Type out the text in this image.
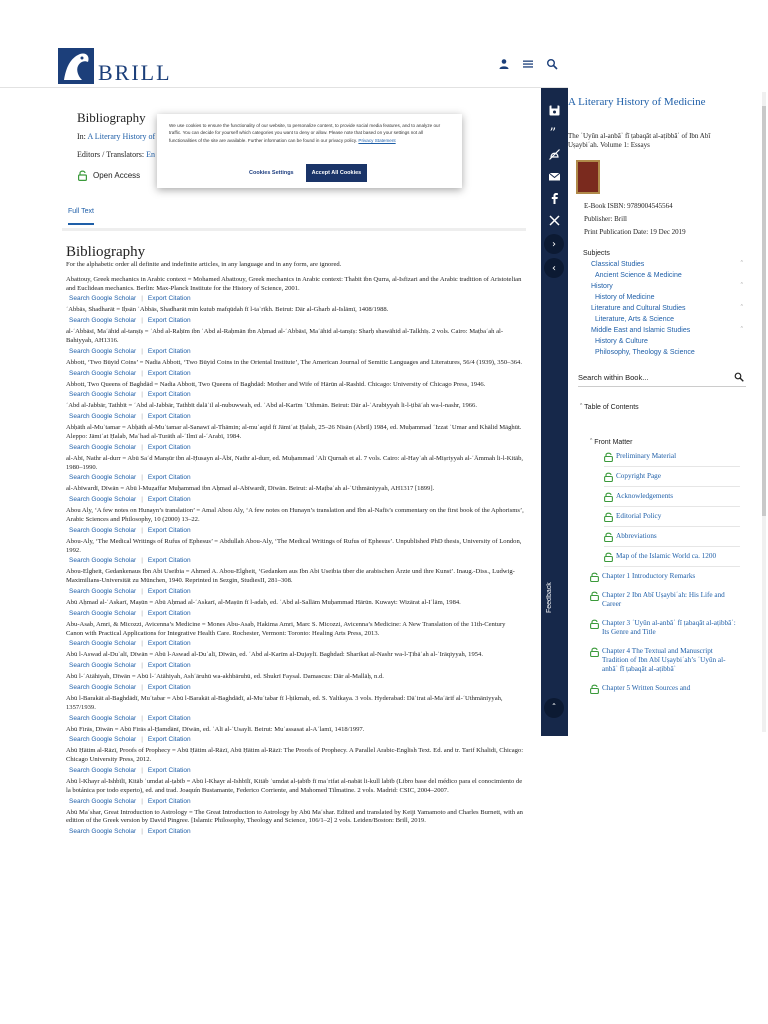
BRILL
Bibliography
In: A Literary History of
Editors / Translators: En
Open Access
Full Text
Bibliography

For the alphabetic order all definite and indefinite articles, in any language and in any form, are ignored.

Abattouy, Greek mechanics in Arabic context = Mohamed Abattouy, Greek mechanics in Arabic context: Thabit ibn Qurra, al-Isfizari and the Arabic tradition of Aristotelian and Euclidean mechanics. Berlin: Max-Planck Institute for the History of Science, 2001.
Search Google Scholar | Export Citation
ʿAbbās, Shadharāt = Iḥsān ʿAbbās, Shadharāt min kutub mafqūdah fī l-taʾrīkh. Beirut: Dār al-Gharb al-Islāmī, 1408/1988.
Search Google Scholar | Export Citation
al-ʿAbbāsī, Maʿāhid al-tanṣīṣ = ʿAbd al-Raḥīm ibn ʿAbd al-Raḥmān ibn Aḥmad al-ʿAbbāsī, Maʿāhid al-tanṣīṣ: Sharḥ shawāhid al-Talkhīṣ. 2 vols. Cairo: Maṭbaʿah al-Bahiyyah, AH1316.
Search Google Scholar | Export Citation
Abbott, ‘Two Būyid Coins’ = Nadia Abbott, ‘Two Būyid Coins in the Oriental Institute’, The American Journal of Semitic Languages and Literatures, 56/4 (1939), 350–364.
Search Google Scholar | Export Citation
Abbott, Two Queens of Baghdād = Nadia Abbott, Two Queens of Baghdād: Mother and Wife of Hārūn al-Rashīd. Chicago: University of Chicago Press, 1946.
Search Google Scholar | Export Citation
ʿAbd al-Jabbār, Tathbīt = ʿAbd al-Jabbār, Tathbīt dalāʾil al-nubuwwah, ed. ʿAbd al-Karīm ʿUthmān. Beirut: Dār al-ʿArabiyyah li-l-ṭibāʿah wa-l-nashr, 1966.
Search Google Scholar | Export Citation
Abḥāth al-Muʾtamar = Abḥāth al-Muʾtamar al-Sanawī al-Thāmin; al-muʾaqid fī Jāmiʿat Ḥalab, 25–26 Nīsān (Abrīl) 1984, ed. Muḥammad ʿIzzat ʿUmar and Khālid Māghūt. Aleppo: Jāmiʿat Ḥalab, Maʿhad al-Turāth al-ʿIlmī al-ʿArabī, 1984.
Search Google Scholar | Export Citation
al-Abī, Nathr al-durr = Abū Saʿd Manṣūr ibn al-Ḥusayn al-Ābī, Nathr al-durr, ed. Muḥammad ʿAlī Qurnah et al. 7 vols. Cairo: al-Hayʾah al-Miṣriyyah al-ʿĀmmah li-l-Kitāb, 1980–1990.
Search Google Scholar | Export Citation
al-Abīwardī, Dīwān = Abū l-Muẓaffar Muḥammad ibn Aḥmad al-Abīwardī, Dīwān. Beirut: al-Maṭbaʿah al-ʿUthmāniyyah, AH1317 [1899].
Search Google Scholar | Export Citation
Abou Aly, ‘A few notes on Hunayn’s translation’ = Amal Abou Aly, ‘A few notes on Hunayn’s translation and Ibn al-Nafīs’s commentary on the first book of the Aphorisms’, Arabic Sciences and Philosophy, 10 (2000) 13–22.
Search Google Scholar | Export Citation
Abou-Aly, ‘The Medical Writings of Rufus of Ephesus’ = Abdullah Abou-Aly, ‘The Medical Writings of Rufus of Ephesus’. Unpublished PhD thesis, University of London, 1992.
Search Google Scholar | Export Citation
Abou-Elgheit, Gedankenaus Ibn Abi Useibia = Ahmed A. Abou-Elgheit, ‘Gedanken aus Ibn Abi Useibia über die arabischen Ärzte und ihre Kunst’. Inaug.-Diss., Ludwig-Maximilians-Universität zu München, 1940. Reprinted in Sezgin, StudiesII, 281–308.
Search Google Scholar | Export Citation
Abū Aḥmad al-ʿAskarī, Maṣūn = Abū Aḥmad al-ʿAskarī, al-Maṣūn fī l-adab, ed. ʿAbd al-Sallām Muḥammad Hārūn. Kuwayt: Wizārat al-Iʿlām, 1984.
Search Google Scholar | Export Citation
Abu-Asab, Amri, & Micozzi, Avicenna’s Medicine = Mones Abu-Asab, Hakima Amri, Marc S. Micozzi, Avicenna’s Medicine: A New Translation of the 11th-Century Canon with Practical Applications for Integrative Health Care. Rochester, Vermont: Toronto: Healing Arts Press, 2013.
Search Google Scholar | Export Citation
Abū l-Aswad al-Duʾalī, Dīwān = Abū l-Aswad al-Duʾalī, Dīwān, ed. ʿAbd al-Karīm al-Dujaylī. Baghdad: Sharikat al-Nashr wa-l-Ṭibāʿah al-ʿIrāqiyyah, 1954.
Search Google Scholar | Export Citation
Abū l-ʿAtāhiyah, Dīwān = Abū l-ʿAtāhiyah, Ashʿāruhū wa-akhbāruhū, ed. Shukrī Faysal. Damascus: Dār al-Mallāḥ, n.d.
Search Google Scholar | Export Citation
Abū l-Barakāt al-Baghdādī, Muʿtabar = Abū l-Barakāt al-Baghdādī, al-Muʿtabar fī l-ḥikmah, ed. S. Yaltkaya. 3 vols. Hyderabad: Dāʾirat al-Maʿārif al-ʿUthmāniyyah, 1357/1939.
Search Google Scholar | Export Citation
Abū Firās, Dīwān = Abū Firās al-Ḥamdānī, Dīwān, ed. ʿAlī al-ʿUsaylī. Beirut: Muʾassasat al-Aʿlamī, 1418/1997.
Search Google Scholar | Export Citation
Abū Ḥātim al-Rāzī, Proofs of Prophecy = Abū Ḥātim al-Rāzī, Abū Ḥātim al-Rāzī: The Proofs of Prophecy. A Parallel Arabic-English Text. Ed. and tr. Tarif Khalidi, Chicago: Chicago University Press, 2012.
Search Google Scholar | Export Citation
Abū l-Khayr al-Ishbīlī, Kitāb ʿumdat al-ṭabīb = Abū l-Khayr al-Ishbīlī, Kitāb ʿumdat al-ṭabīb fī maʿrifat al-nabāt li-kull labīb (Libro base del médico para el conocimiento de la botánica por todo experto), ed. and trad. Joaquín Bustamante, Federico Corriente, and Mahomed Tilmatine. 2 vols. Madrid: CSIC, 2004–2007.
Search Google Scholar | Export Citation
Abū Maʿshar, Great Introduction to Astrology = The Great Introduction to Astrology by Abū Maʿshar. Edited and translated by Keiji Yamamoto and Charles Burnett, with an edition of the Greek version by David Pingree. [Islamic Philosophy, Theology and Science, 106/1–2] 2 vols. Leiden/Boston: Brill, 2019.
Search Google Scholar | Export Citation
We use cookies to ensure the functionality of our website, to personalize content, to provide social media features, and to analyze our traffic. You can decide for yourself which categories you want to deny or allow. Please note that based on your settings not all functionalities of the site are available. Further information can be found in our privacy policy. Privacy Statement
Cookies Settings	Accept All Cookies
”
›
‹
Feedback
ˆ
A Literary History of Medicine
The ʿUyūn al-anbāʾ fī ṭabaqāt al-aṭibbāʾ of Ibn Abī Uṣaybiʿah. Volume 1: Essays
E-Book ISBN: 9789004545564
Publisher: Brill
Print Publication Date: 19 Dec 2019
Subjects
Classical Studies	ˆ
Ancient Science & Medicine
History	ˆ
History of Medicine
Literature and Cultural Studies	ˆ
Literature, Arts & Science
Middle East and Islamic Studies	ˆ
History & Culture
Philosophy, Theology & Science
Search within Book...
ˆ Table of Contents
ˆ Front Matter
Preliminary Material
Copyright Page
Acknowledgements
Editorial Policy
Abbreviations
Map of the Islamic World ca. 1200
Chapter 1 Introductory Remarks
Chapter 2 Ibn Abī Uṣaybiʿah: His Life and Career
Chapter 3 ʿUyūn al-anbāʾ fī ṭabaqāt al-aṭibbāʾ: Its Genre and Title
Chapter 4 The Textual and Manuscript Tradition of Ibn Abī Uṣaybiʿah’s ʿUyūn al-anbāʾ fī ṭabaqāt al-aṭibbāʾ
Chapter 5 Written Sources and
